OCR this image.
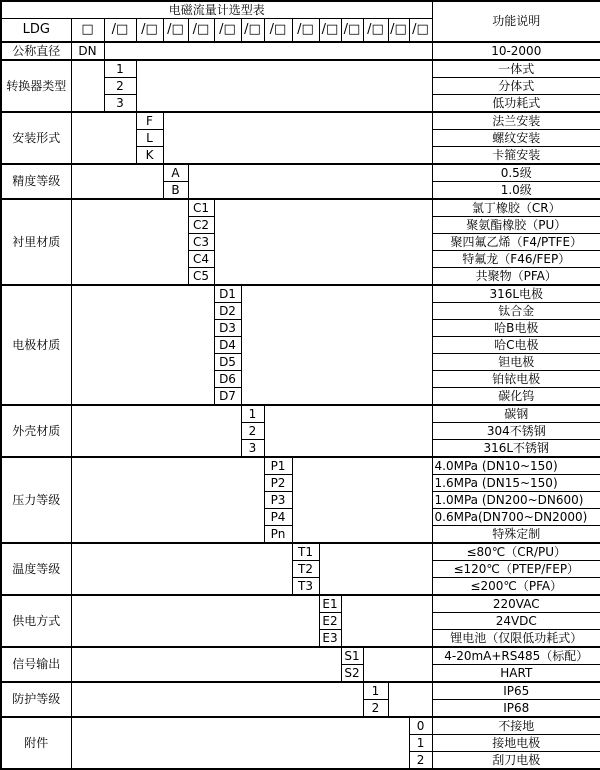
电磁流量计选型表															功能说明
LDG	□	/□	/□	/□	/□	/□	/□	/□	/□	/□	/□	/□	/□	/□	
公称直径	DN														10-2000
转换器类型		1													一体式
		2													分体式
		3													低功耗式
安装形式			F												法兰安装
			L												螺纹安装
			K												卡箍安装
精度等级				A											0.5级
				B											1.0级
衬里材质					C1										氯丁橡胶（CR）
					C2										聚氨酯橡胶（PU）
					C3										聚四氟乙烯（F4/PTFE）
					C4										特氟龙（F46/FEP）
					C5										共聚物（PFA）
电极材质						D1									316L电极
						D2									钛合金
						D3									哈B电极
						D4									哈C电极
						D5									钽电极
						D6									铂铱电极
						D7									碳化钨
外壳材质							1								碳钢
							2								304不锈钢
							3								316L不锈钢
压力等级								P1							4.0MPa (DN10~150)
								P2							1.6MPa (DN15~150)
								P3							1.0MPa (DN200~DN600)
								P4							0.6MPa(DN700~DN2000)
								Pn							特殊定制
温度等级									T1						≤80℃（CR/PU）
									T2						≤120℃（PTEP/FEP）
									T3						≤200℃（PFA）
供电方式										E1					220VAC
										E2					24VDC
										E3					锂电池（仅限低功耗式）
信号输出											S1				4-20mA+RS485（标配）
											S2				HART
防护等级												1			IP65
												2			IP68
附件														0	不接地
														1	接地电极
														2	刮刀电极
